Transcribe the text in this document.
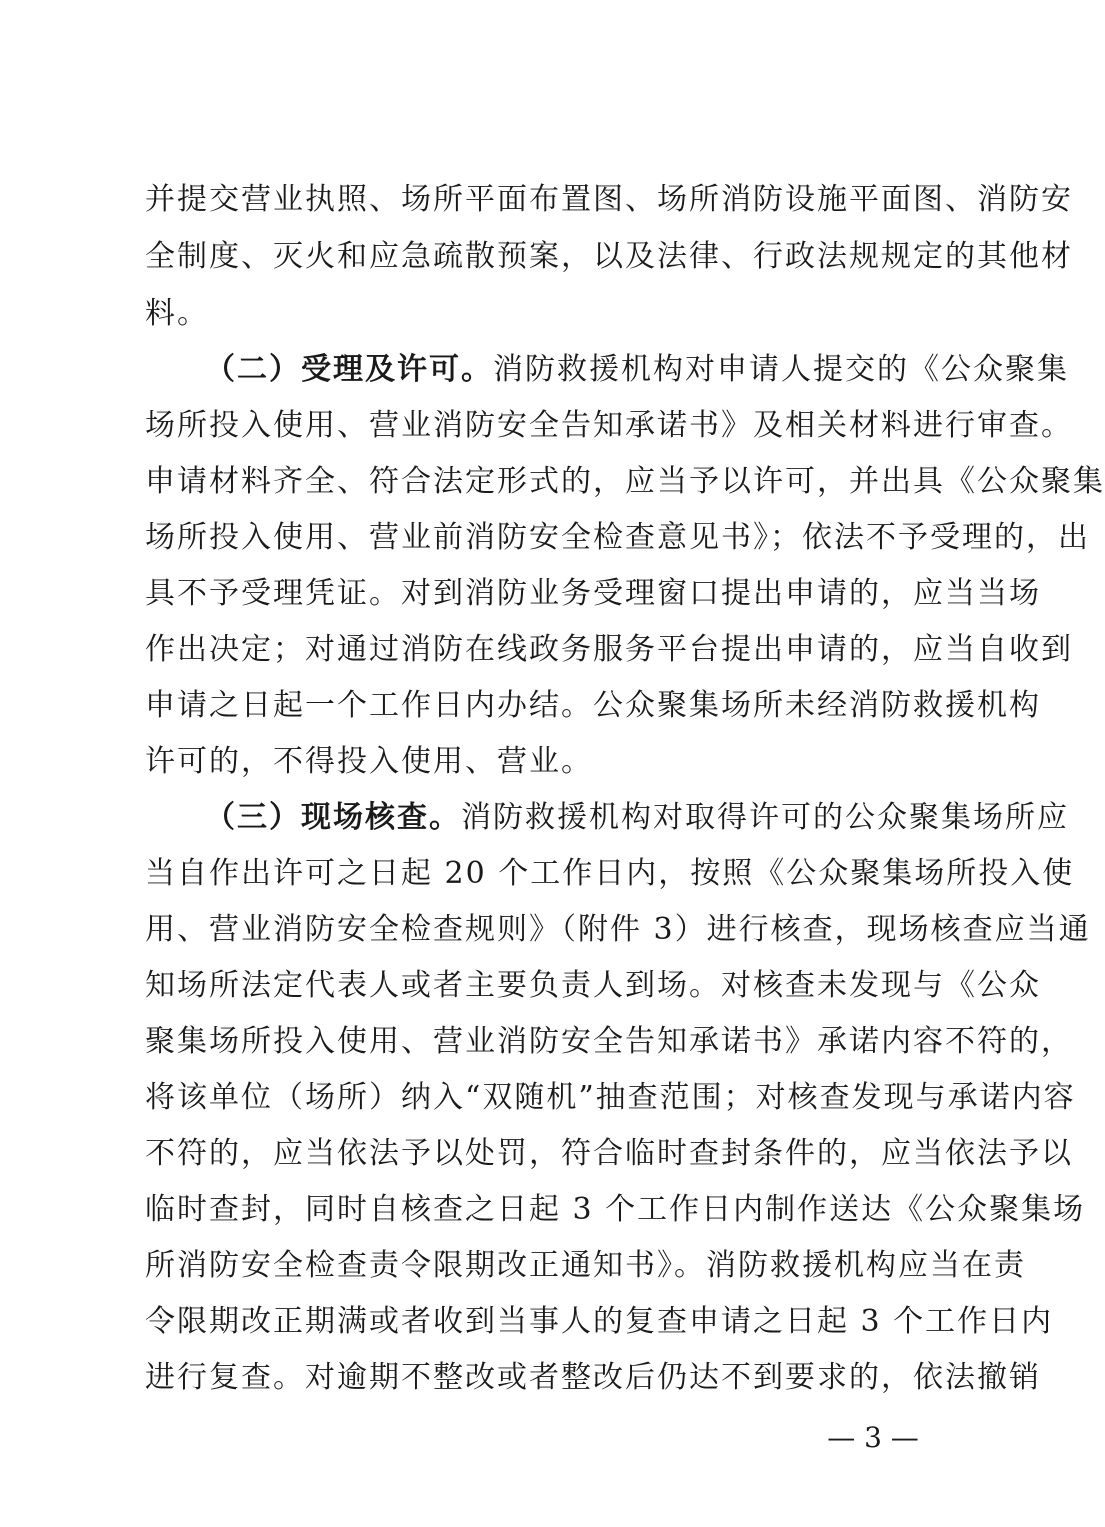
并提交营业执照、场所平面布置图、场所消防设施平面图、消防安
全制度、灭火和应急疏散预案，以及法律、行政法规规定的其他材
料。
（二）受理及许可。消防救援机构对申请人提交的《公众聚集
场所投入使用、营业消防安全告知承诺书》及相关材料进行审查。
申请材料齐全、符合法定形式的，应当予以许可，并出具《公众聚集
场所投入使用、营业前消防安全检查意见书》；依法不予受理的，出
具不予受理凭证。对到消防业务受理窗口提出申请的，应当当场
作出决定；对通过消防在线政务服务平台提出申请的，应当自收到
申请之日起一个工作日内办结。公众聚集场所未经消防救援机构
许可的，不得投入使用、营业。
（三）现场核查。消防救援机构对取得许可的公众聚集场所应
当自作出许可之日起 20 个工作日内，按照《公众聚集场所投入使
用、营业消防安全检查规则》（附件 3）进行核查，现场核查应当通
知场所法定代表人或者主要负责人到场。对核查未发现与《公众
聚集场所投入使用、营业消防安全告知承诺书》承诺内容不符的，
将该单位（场所）纳入“双随机”抽查范围；对核查发现与承诺内容
不符的，应当依法予以处罚，符合临时查封条件的，应当依法予以
临时查封，同时自核查之日起 3 个工作日内制作送达《公众聚集场
所消防安全检查责令限期改正通知书》。消防救援机构应当在责
令限期改正期满或者收到当事人的复查申请之日起 3 个工作日内
进行复查。对逾期不整改或者整改后仍达不到要求的，依法撤销
— 3 —
